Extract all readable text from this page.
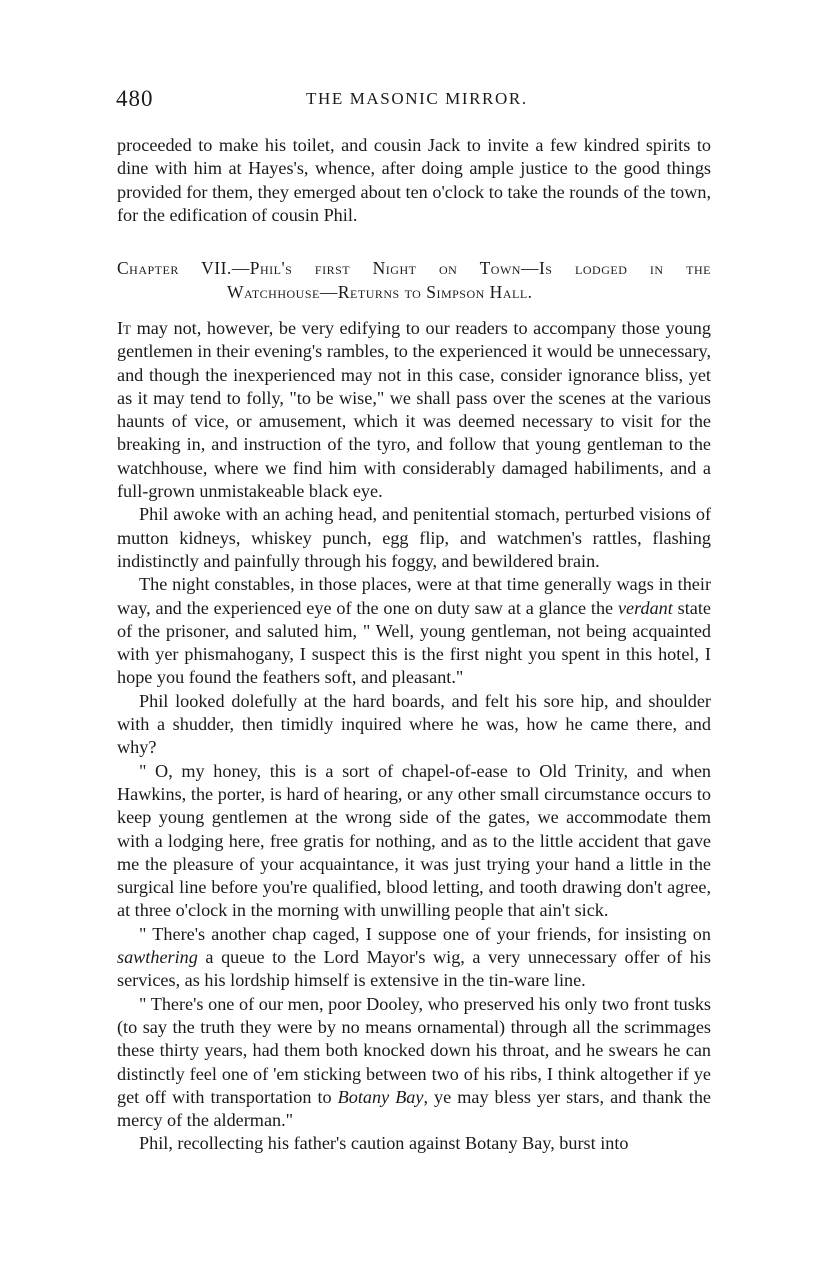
480	THE MASONIC MIRROR.
proceeded to make his toilet, and cousin Jack to invite a few kindred spirits to dine with him at Hayes's, whence, after doing ample justice to the good things provided for them, they emerged about ten o'clock to take the rounds of the town, for the edification of cousin Phil.
Chapter VII.—Phil's first Night on Town—Is lodged in the
Watchhouse—Returns to Simpson Hall.

It may not, however, be very edifying to our readers to accompany those young gentlemen in their evening's rambles, to the experienced it would be unnecessary, and though the inexperienced may not in this case, consider ignorance bliss, yet as it may tend to folly, "to be wise," we shall pass over the scenes at the various haunts of vice, or amusement, which it was deemed necessary to visit for the breaking in, and instruction of the tyro, and follow that young gentleman to the watchhouse, where we find him with considerably damaged habiliments, and a full-grown unmistakeable black eye.

Phil awoke with an aching head, and penitential stomach, perturbed visions of mutton kidneys, whiskey punch, egg flip, and watchmen's rattles, flashing indistinctly and painfully through his foggy, and bewildered brain.

The night constables, in those places, were at that time generally wags in their way, and the experienced eye of the one on duty saw at a glance the verdant state of the prisoner, and saluted him, " Well, young gentleman, not being acquainted with yer phismahogany, I suspect this is the first night you spent in this hotel, I hope you found the feathers soft, and pleasant."

Phil looked dolefully at the hard boards, and felt his sore hip, and shoulder with a shudder, then timidly inquired where he was, how he came there, and why?

" O, my honey, this is a sort of chapel-of-ease to Old Trinity, and when Hawkins, the porter, is hard of hearing, or any other small circumstance occurs to keep young gentlemen at the wrong side of the gates, we accommodate them with a lodging here, free gratis for nothing, and as to the little accident that gave me the pleasure of your acquaintance, it was just trying your hand a little in the surgical line before you're qualified, blood letting, and tooth drawing don't agree, at three o'clock in the morning with unwilling people that ain't sick.

" There's another chap caged, I suppose one of your friends, for insisting on sawthering a queue to the Lord Mayor's wig, a very unnecessary offer of his services, as his lordship himself is extensive in the tin-ware line.

" There's one of our men, poor Dooley, who preserved his only two front tusks (to say the truth they were by no means ornamental) through all the scrimmages these thirty years, had them both knocked down his throat, and he swears he can distinctly feel one of 'em sticking between two of his ribs, I think altogether if ye get off with transportation to Botany Bay, ye may bless yer stars, and thank the mercy of the alderman."

Phil, recollecting his father's caution against Botany Bay, burst into
